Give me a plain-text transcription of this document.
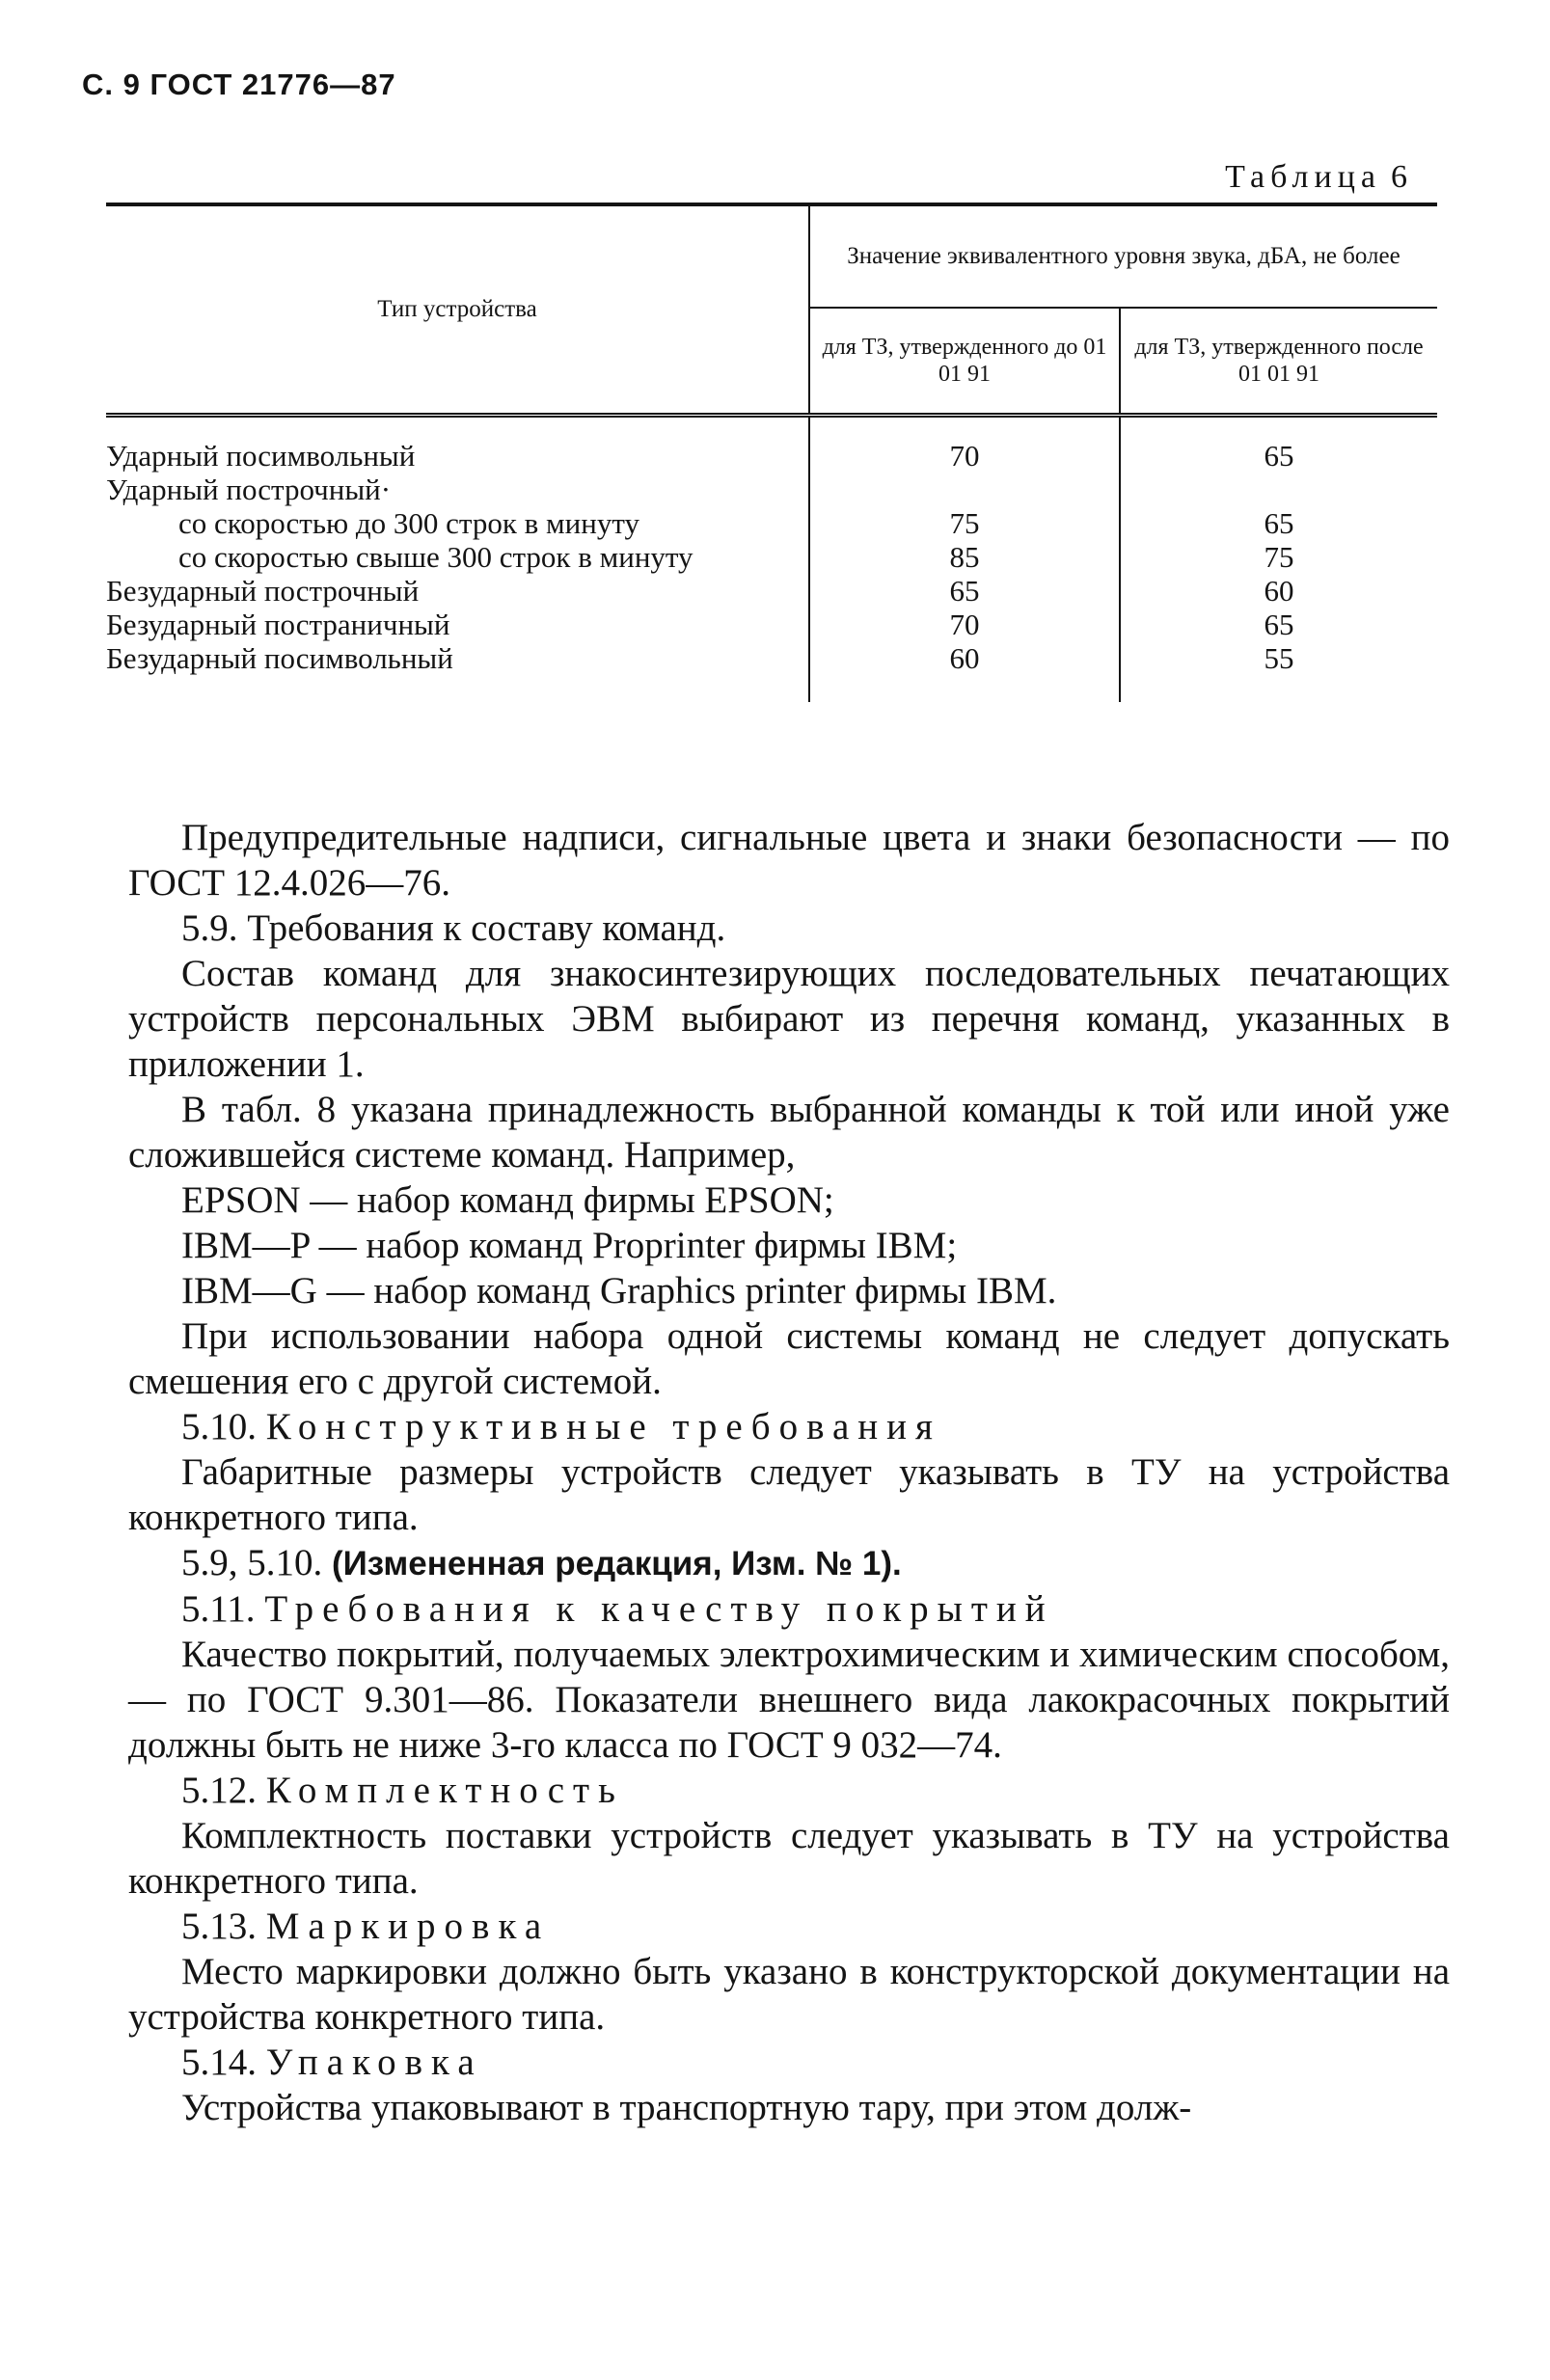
С. 9 ГОСТ 21776—87
Таблица 6
Тип устройства	Значение эквивалентного уровня звука, дБА, не более	
	для ТЗ, утвержденного до 01 01 91	для ТЗ, утвержденного после 01 01 91
Ударный посимвольный	70	65
Ударный построчный·		
со скоростью до 300 строк в минуту	75	65
со скоростью свыше 300 строк в минуту	85	75
Безударный построчный	65	60
Безударный постраничный	70	65
Безударный посимвольный	60	55

Предупредительные надписи, сигнальные цвета и знаки безопасности — по ГОСТ 12.4.026—76.

5.9. Требования к составу команд.

Состав команд для знакосинтезирующих последовательных печатающих устройств персональных ЭВМ выбирают из перечня команд, указанных в приложении 1.

В табл. 8 указана принадлежность выбранной команды к той или иной уже сложившейся системе команд. Например,

EPSON — набор команд фирмы EPSON;

IBM—P — набор команд Proprinter фирмы IBM;

IBM—G — набор команд Graphics printer фирмы IBM.

При использовании набора одной системы команд не следует допускать смешения его с другой системой.

5.10. Конструктивные требования

Габаритные размеры устройств следует указывать в ТУ на устройства конкретного типа.

5.9, 5.10. (Измененная редакция, Изм. № 1).

5.11. Требования к качеству покрытий

Качество покрытий, получаемых электрохимическим и химическим способом, — по ГОСТ 9.301—86. Показатели внешнего вида лакокрасочных покрытий должны быть не ниже 3-го класса по ГОСТ 9 032—74.

5.12. Комплектность

Комплектность поставки устройств следует указывать в ТУ на устройства конкретного типа.

5.13. Маркировка

Место маркировки должно быть указано в конструкторской документации на устройства конкретного типа.

5.14. Упаковка

Устройства упаковывают в транспортную тару, при этом долж-
